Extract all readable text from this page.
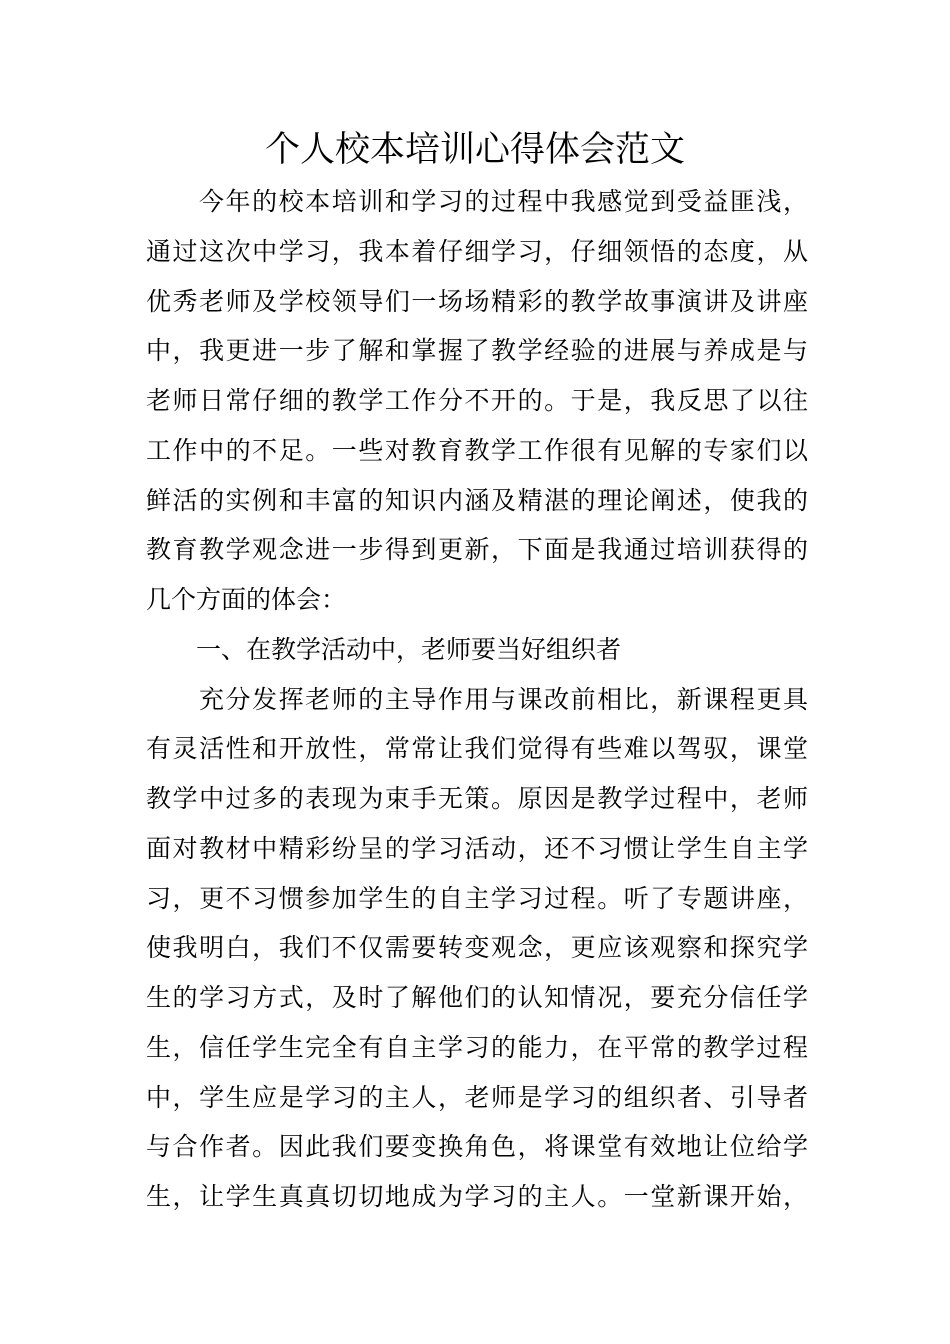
个人校本培训心得体会范文
今年的校本培训和学习的过程中我感觉到受益匪浅，
通过这次中学习，我本着仔细学习，仔细领悟的态度，从
优秀老师及学校领导们一场场精彩的教学故事演讲及讲座
中，我更进一步了解和掌握了教学经验的进展与养成是与
老师日常仔细的教学工作分不开的。于是，我反思了以往
工作中的不足。一些对教育教学工作很有见解的专家们以
鲜活的实例和丰富的知识内涵及精湛的理论阐述，使我的
教育教学观念进一步得到更新，下面是我通过培训获得的
几个方面的体会：
一、在教学活动中，老师要当好组织者
充分发挥老师的主导作用与课改前相比，新课程更具
有灵活性和开放性，常常让我们觉得有些难以驾驭，课堂
教学中过多的表现为束手无策。原因是教学过程中，老师
面对教材中精彩纷呈的学习活动，还不习惯让学生自主学
习，更不习惯参加学生的自主学习过程。听了专题讲座，
使我明白，我们不仅需要转变观念，更应该观察和探究学
生的学习方式，及时了解他们的认知情况，要充分信任学
生，信任学生完全有自主学习的能力，在平常的教学过程
中，学生应是学习的主人，老师是学习的组织者、引导者
与合作者。因此我们要变换角色，将课堂有效地让位给学
生，让学生真真切切地成为学习的主人。一堂新课开始，
